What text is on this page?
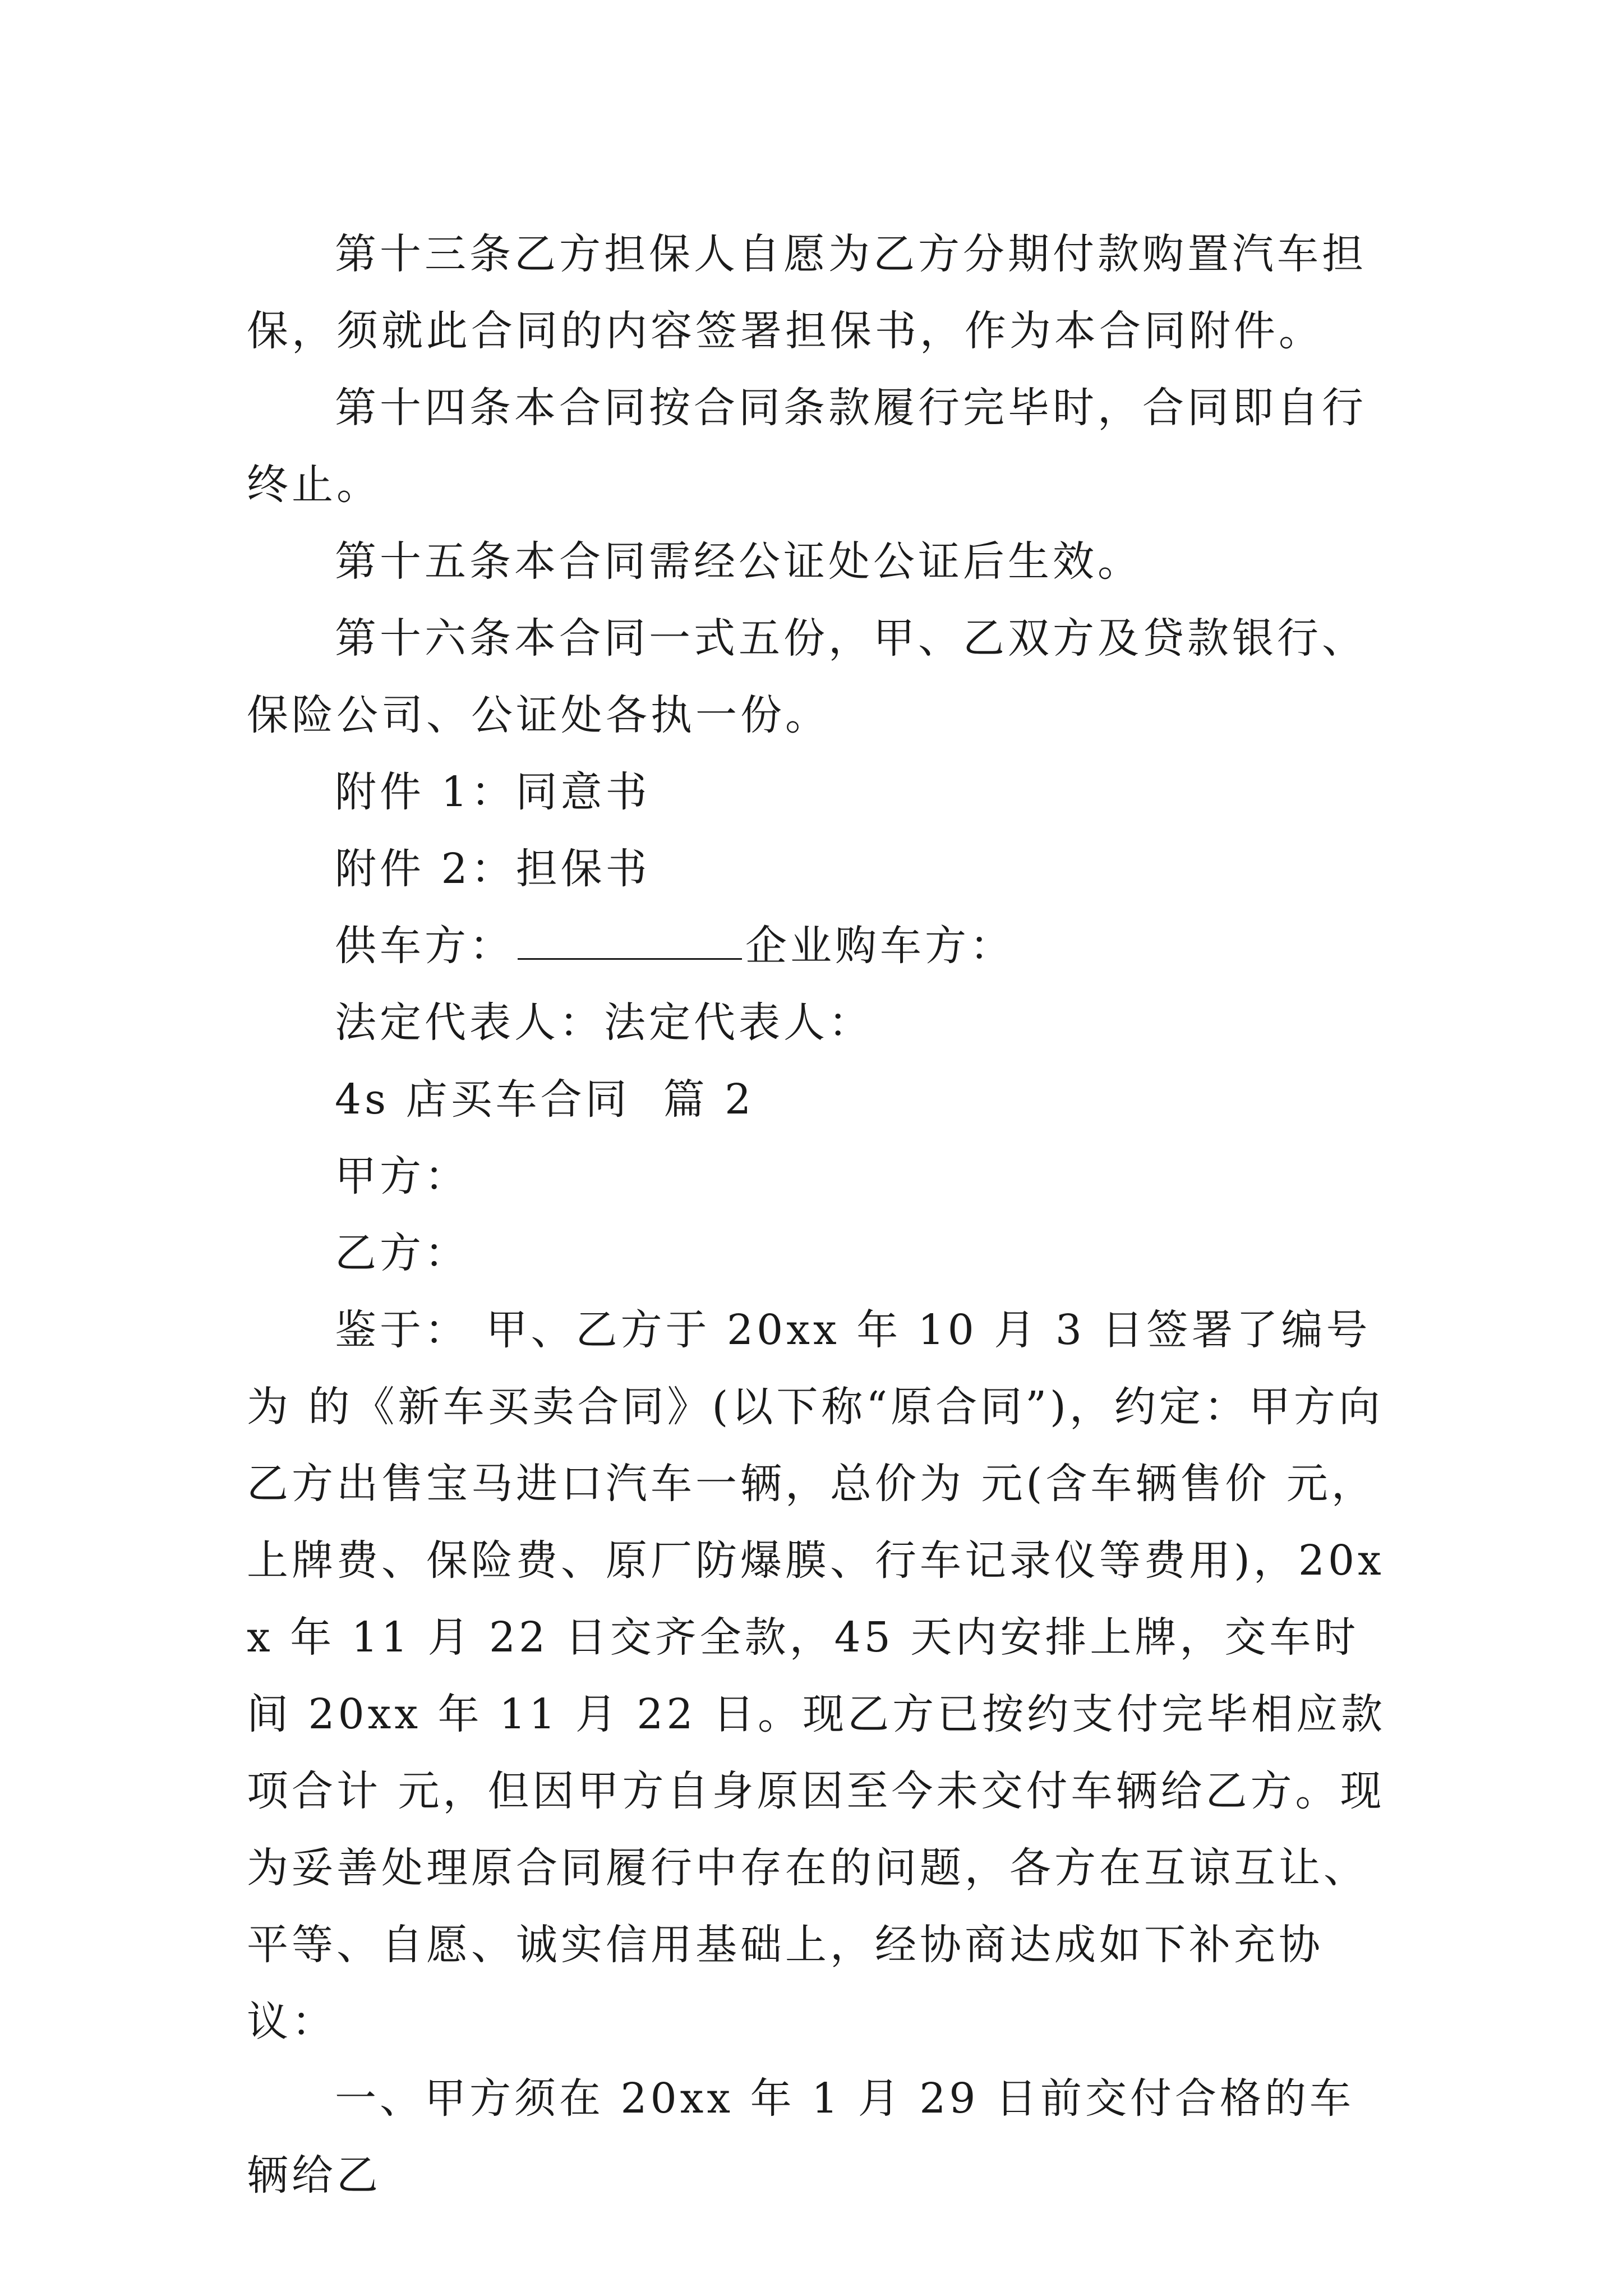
第十三条乙方担保人自愿为乙方分期付款购置汽车担保，须就此合同的内容签署担保书，作为本合同附件。

第十四条本合同按合同条款履行完毕时，合同即自行终止。

第十五条本合同需经公证处公证后生效。

第十六条本合同一式五份，甲、乙双方及贷款银行、保险公司、公证处各执一份。

附件 1：同意书

附件 2：担保书

供车方：	企业购车方：

法定代表人：法定代表人：

4s 店买车合同  篇 2

甲方：

乙方：

鉴于： 甲、乙方于 20xx 年 10 月 3 日签署了编号为 的《新车买卖合同》(以下称“原合同”)，约定：甲方向乙方出售宝马进口汽车一辆，总价为 元(含车辆售价 元，上牌费、保险费、原厂防爆膜、行车记录仪等费用)，20xx 年 11 月 22 日交齐全款，45 天内安排上牌，交车时间 20xx 年 11 月 22 日。现乙方已按约支付完毕相应款项合计 元，但因甲方自身原因至今未交付车辆给乙方。现为妥善处理原合同履行中存在的问题，各方在互谅互让、平等、自愿、诚实信用基础上，经协商达成如下补充协议：

一、甲方须在 20xx 年 1 月 29 日前交付合格的车辆给乙
